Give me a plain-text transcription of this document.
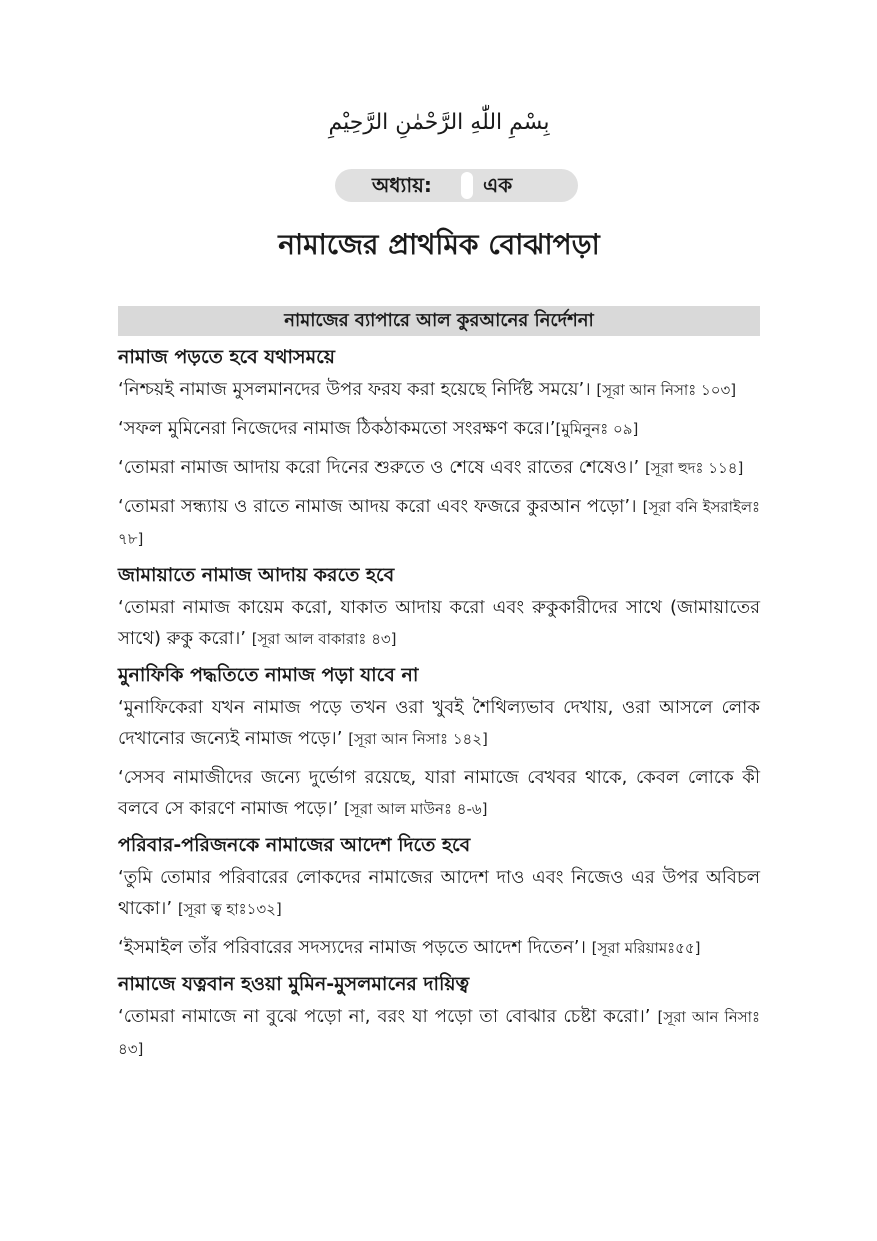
بِسْمِ اللّٰهِ الرَّحْمٰنِ الرَّحِيْمِ
অধ্যায়:	এক
নামাজের প্রাথমিক বোঝাপড়া
নামাজের ব্যাপারে আল কুরআনের নির্দেশনা
নামাজ পড়তে হবে যথাসময়ে

‘নিশ্চয়ই নামাজ মুসলমানদের উপর ফরয করা হয়েছে নির্দিষ্ট সময়ে’। [সূরা আন নিসাঃ ১০৩]

‘সফল মুমিনেরা নিজেদের নামাজ ঠিকঠাকমতো সংরক্ষণ করে।’[মুমিনুনঃ ০৯]

‘তোমরা নামাজ আদায় করো দিনের শুরুতে ও শেষে এবং রাতের শেষেও।’ [সূরা হুদঃ ১১৪]

‘তোমরা সন্ধ্যায় ও রাতে নামাজ আদয় করো এবং ফজরে কুরআন পড়ো’। [সূরা বনি ইসরাইলঃ ৭৮]

জামায়াতে নামাজ আদায় করতে হবে

‘তোমরা নামাজ কায়েম করো, যাকাত আদায় করো এবং রুকুকারীদের সাথে (জামায়াতের সাথে) রুকু করো।’ [সূরা আল বাকারাঃ ৪৩]

মুনাফিকি পদ্ধতিতে নামাজ পড়া যাবে না

‘মুনাফিকেরা যখন নামাজ পড়ে তখন ওরা খুবই শৈথিল্যভাব দেখায়, ওরা আসলে লোক দেখানোর জন্যেই নামাজ পড়ে।’ [সূরা আন নিসাঃ ১৪২]

‘সেসব নামাজীদের জন্যে দুর্ভোগ রয়েছে, যারা নামাজে বেখবর থাকে, কেবল লোকে কী বলবে সে কারণে নামাজ পড়ে।’ [সূরা আল মাউনঃ ৪-৬]

পরিবার-পরিজনকে নামাজের আদেশ দিতে হবে

‘তুমি তোমার পরিবারের লোকদের নামাজের আদেশ দাও এবং নিজেও এর উপর অবিচল থাকো।’ [সূরা ত্ব হাঃ১৩২]

‘ইসমাইল তাঁর পরিবারের সদস্যদের নামাজ পড়তে আদেশ দিতেন’। [সূরা মরিয়ামঃ৫৫]

নামাজে যত্নবান হওয়া মুমিন-মুসলমানের দায়িত্ব

‘তোমরা নামাজে না বুঝে পড়ো না, বরং যা পড়ো তা বোঝার চেষ্টা করো।’ [সূরা আন নিসাঃ ৪৩]
